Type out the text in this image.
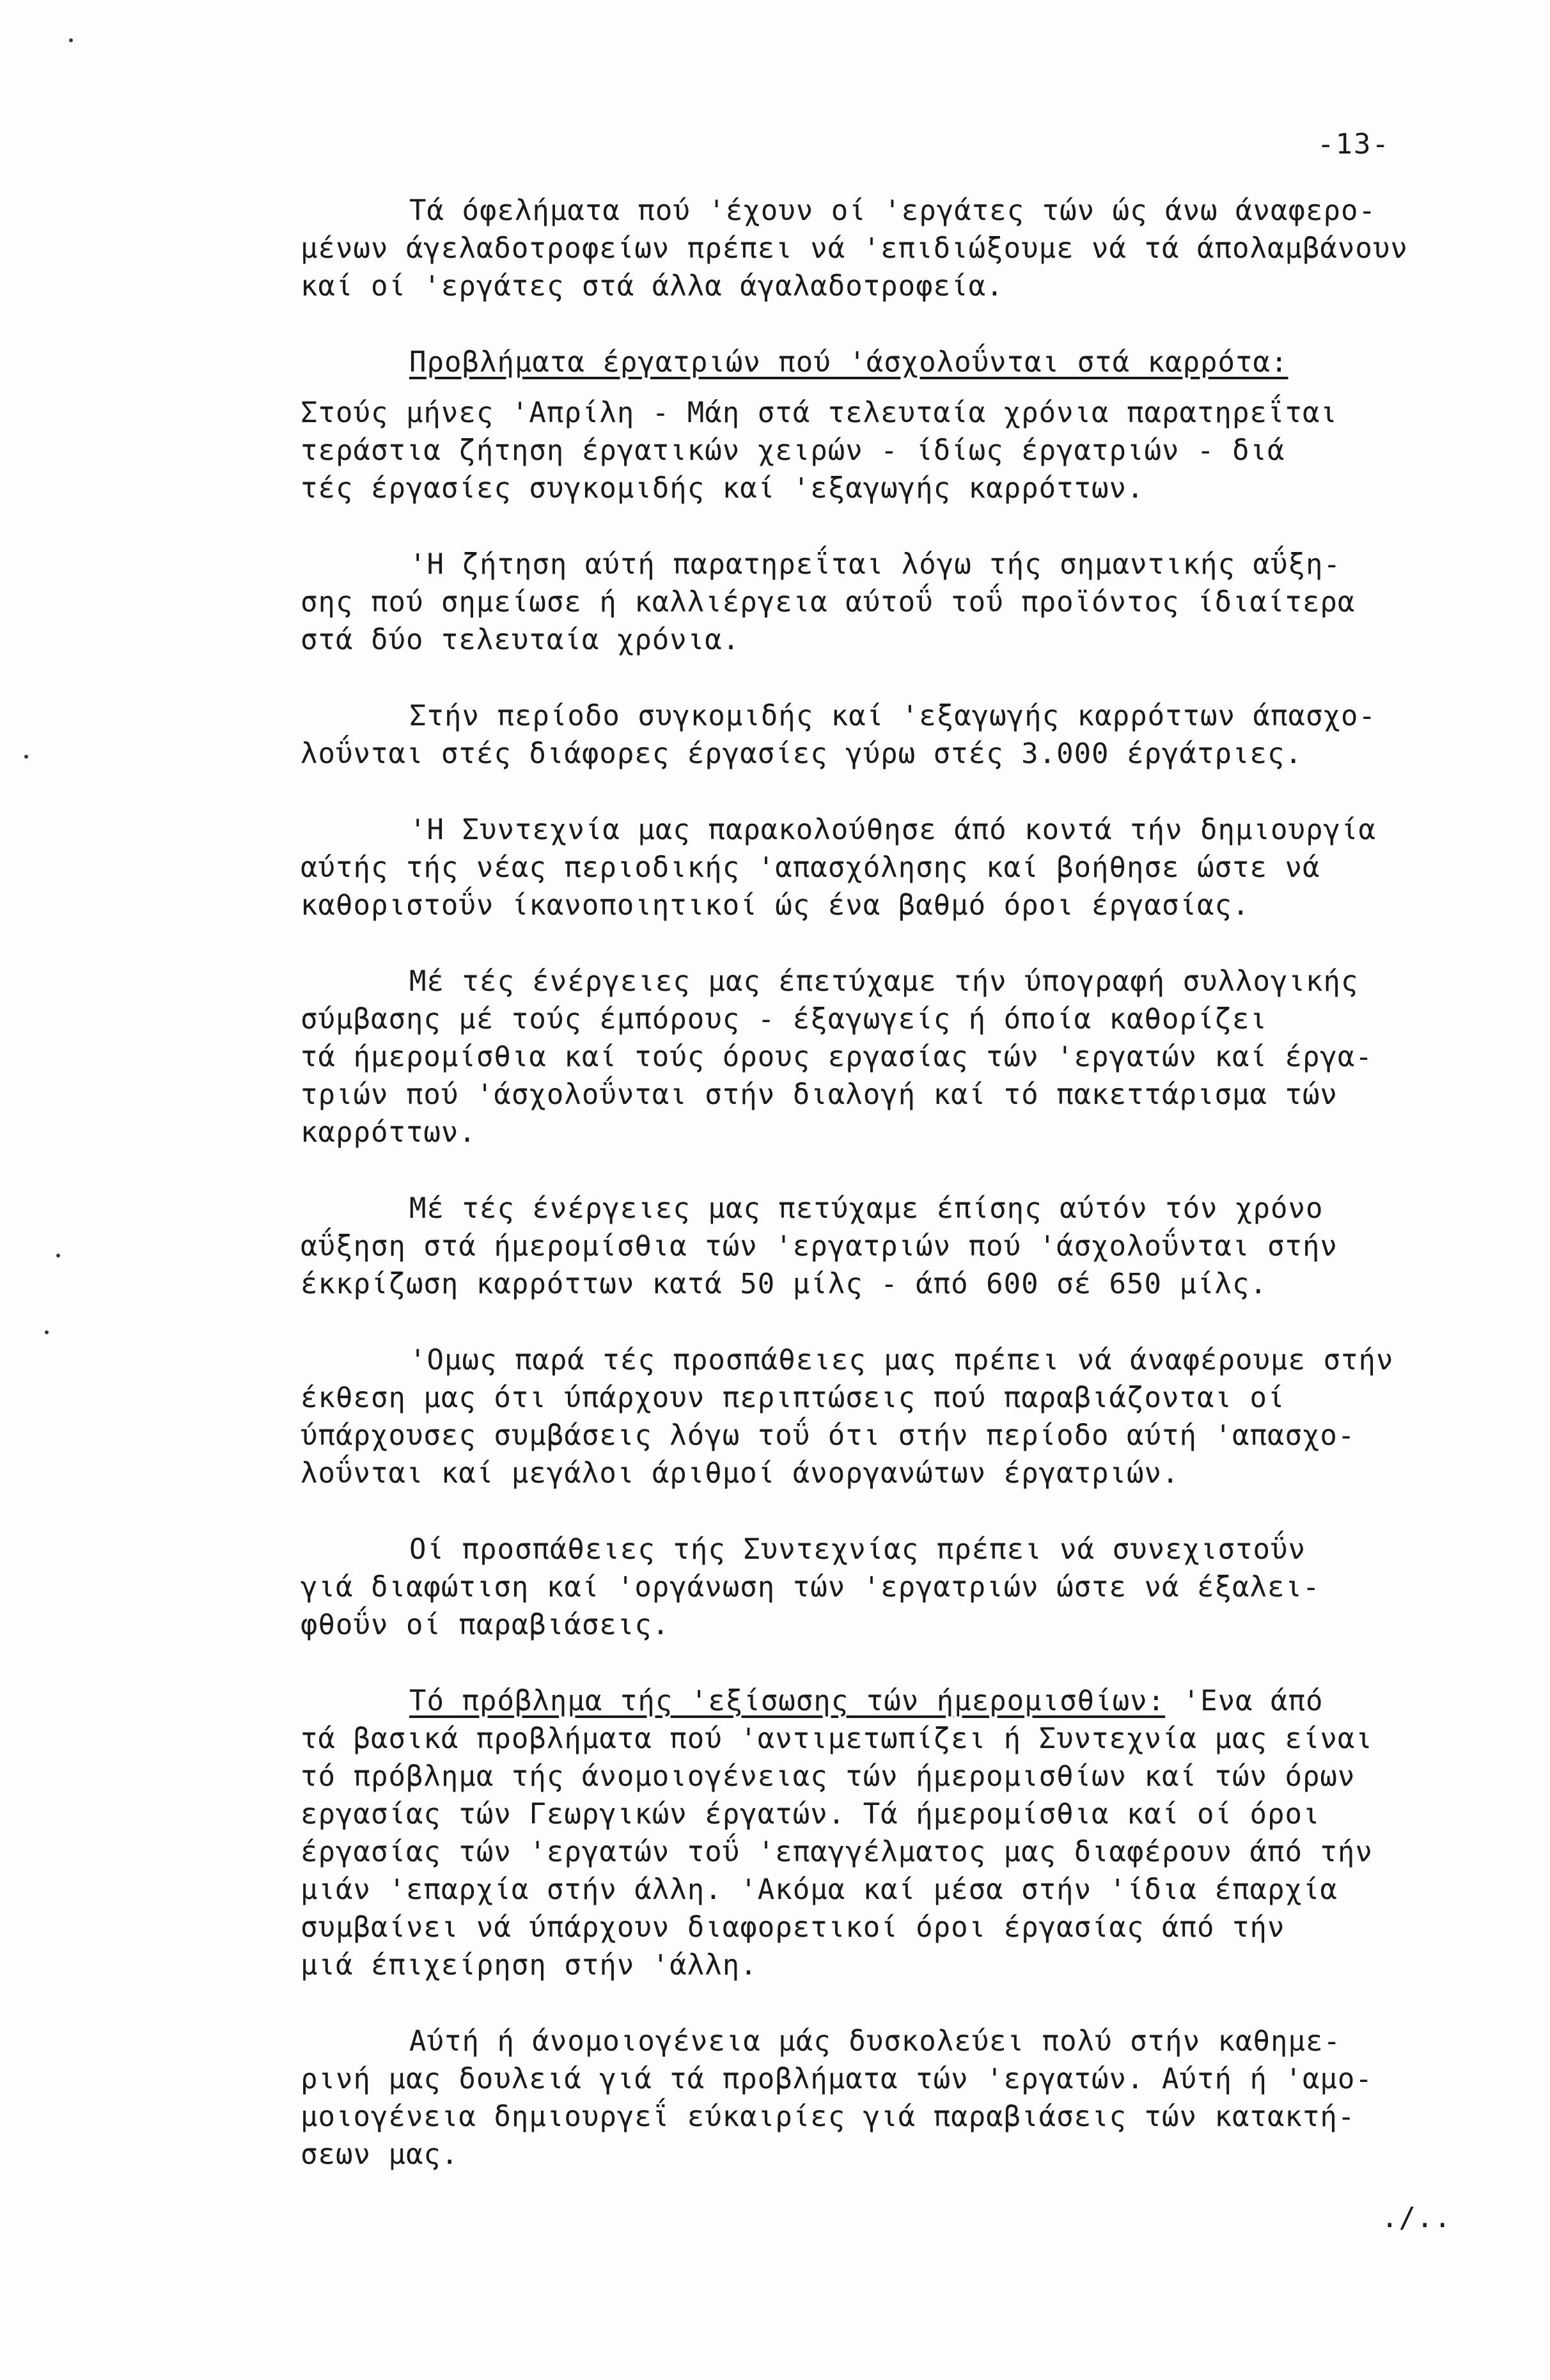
-13-

Τά όφελήματα πού 'έχουν οί 'εργάτες τών ώς άνω άναφερο-
μένων άγελαδοτροφείων πρέπει νά 'επιδιώξουμε νά τά άπολαμβάνουν
καί οί 'εργάτες στά άλλα άγαλαδοτροφεία.

Προβλήματα έργατριών πού 'άσχολοΰνται στά καρρότα:

Στούς μήνες 'Απρίλη - Μάη στά τελευταία χρόνια παρατηρεΐται
τεράστια ζήτηση έργατικών χειρών - ίδίως έργατριών - διά
τές έργασίες συγκομιδής καί 'εξαγωγής καρρόττων.

'Η ζήτηση αύτή παρατηρεΐται λόγω τής σημαντικής αΰξη-
σης πού σημείωσε ή καλλιέργεια αύτοΰ τοΰ προϊόντος ίδιαίτερα
στά δύο τελευταία χρόνια.

Στήν περίοδο συγκομιδής καί 'εξαγωγής καρρόττων άπασχο-
λοΰνται στές διάφορες έργασίες γύρω στές 3.000 έργάτριες.

'Η Συντεχνία μας παρακολούθησε άπό κοντά τήν δημιουργία
αύτής τής νέας περιοδικής 'απασχόλησης καί βοήθησε ώστε νά
καθοριστοΰν ίκανοποιητικοί ώς ένα βαθμό όροι έργασίας.

Μέ τές ένέργειες μας έπετύχαμε τήν ύπογραφή συλλογικής
σύμβασης μέ τούς έμπόρους - έξαγωγείς ή όποία καθορίζει
τά ήμερομίσθια καί τούς όρους εργασίας τών 'εργατών καί έργα-
τριών πού 'άσχολοΰνται στήν διαλογή καί τό πακεττάρισμα τών
καρρόττων.

Μέ τές ένέργειες μας πετύχαμε έπίσης αύτόν τόν χρόνο
αΰξηση στά ήμερομίσθια τών 'εργατριών πού 'άσχολοΰνται στήν
έκκρίζωση καρρόττων κατά 50 μίλς - άπό 600 σέ 650 μίλς.

'Ομως παρά τές προσπάθειες μας πρέπει νά άναφέρουμε στήν
έκθεση μας ότι ύπάρχουν περιπτώσεις πού παραβιάζονται οί
ύπάρχουσες συμβάσεις λόγω τοΰ ότι στήν περίοδο αύτή 'απασχο-
λοΰνται καί μεγάλοι άριθμοί άνοργανώτων έργατριών.

Οί προσπάθειες τής Συντεχνίας πρέπει νά συνεχιστοΰν
γιά διαφώτιση καί 'οργάνωση τών 'εργατριών ώστε νά έξαλει-
φθοΰν οί παραβιάσεις.

Τό πρόβλημα τής 'εξίσωσης τών ήμερομισθίων: 'Ενα άπό

τά βασικά προβλήματα πού 'αντιμετωπίζει ή Συντεχνία μας είναι
τό πρόβλημα τής άνομοιογένειας τών ήμερομισθίων καί τών όρων
εργασίας τών Γεωργικών έργατών. Τά ήμερομίσθια καί οί όροι
έργασίας τών 'εργατών τοΰ 'επαγγέλματος μας διαφέρουν άπό τήν
μιάν 'επαρχία στήν άλλη. 'Ακόμα καί μέσα στήν 'ίδια έπαρχία
συμβαίνει νά ύπάρχουν διαφορετικοί όροι έργασίας άπό τήν
μιά έπιχείρηση στήν 'άλλη.

Αύτή ή άνομοιογένεια μάς δυσκολεύει πολύ στήν καθημε-
ρινή μας δουλειά γιά τά προβλήματα τών 'εργατών. Αύτή ή 'αμο-
μοιογένεια δημιουργεΐ εύκαιρίες γιά παραβιάσεις τών κατακτή-
σεων μας.

./..
